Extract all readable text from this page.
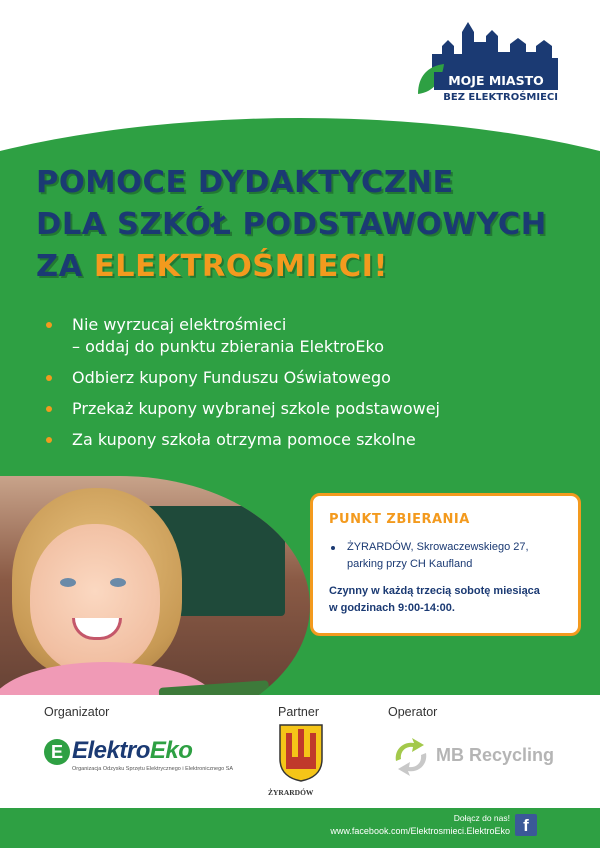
MOJE MIASTO
BEZ ELEKTROŚMIECI
POMOCE DYDAKTYCZNE
DLA SZKÓŁ PODSTAWOWYCH
ZA ELEKTROŚMIECI!
Nie wyrzucaj elektrośmieci
– oddaj do punktu zbierania ElektroEko
Odbierz kupony Funduszu Oświatowego
Przekaż kupony wybranej szkole podstawowej
Za kupony szkoła otrzyma pomoce szkolne
PUNKT ZBIERANIA
ŻYRARDÓW, Skrowaczewskiego 27,
parking przy CH Kaufland
Czynny w każdą trzecią sobotę miesiąca
w godzinach 9:00-14:00.
Organizator	Partner	Operator
E ElektroEko
Organizacja Odzysku Sprzętu Elektrycznego i Elektronicznego SA
ŻYRARDÓW
MB Recycling
Dołącz do nas!
www.facebook.com/Elektrosmieci.ElektroEko f
